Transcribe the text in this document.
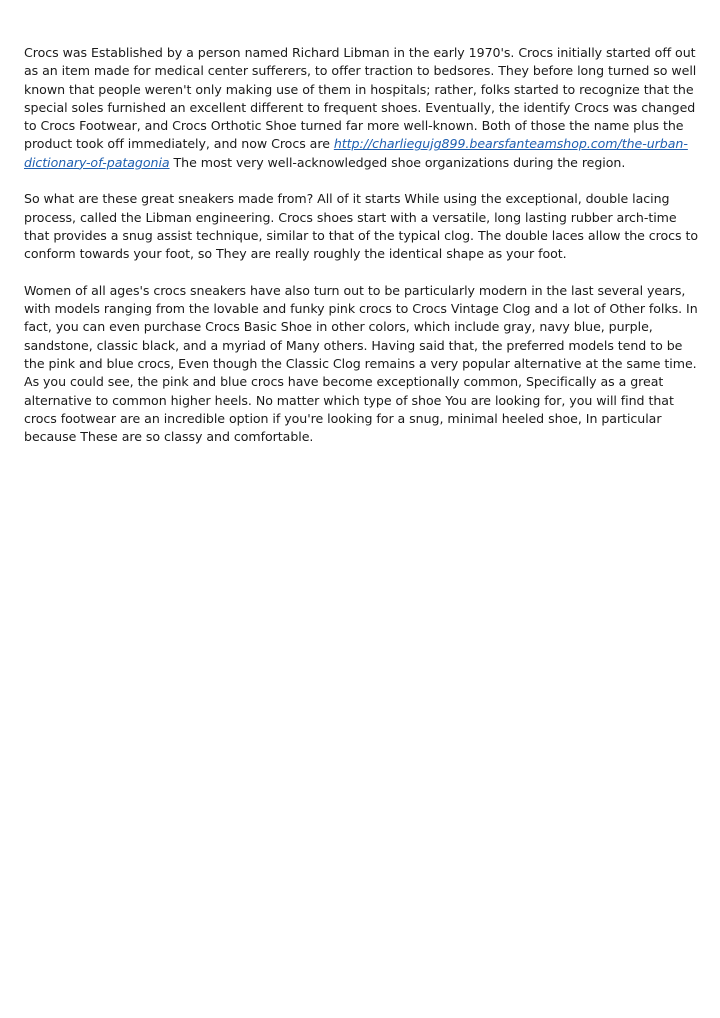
Crocs was Established by a person named Richard Libman in the early 1970's. Crocs initially started off out as an item made for medical center sufferers, to offer traction to bedsores. They before long turned so well known that people weren't only making use of them in hospitals; rather, folks started to recognize that the special soles furnished an excellent different to frequent shoes. Eventually, the identify Crocs was changed to Crocs Footwear, and Crocs Orthotic Shoe turned far more well-known. Both of those the name plus the product took off immediately, and now Crocs are http://charliegujg899.bearsfanteamshop.com/the-urban-dictionary-of-patagonia The most very well-acknowledged shoe organizations during the region.

So what are these great sneakers made from? All of it starts While using the exceptional, double lacing process, called the Libman engineering. Crocs shoes start with a versatile, long lasting rubber arch-time that provides a snug assist technique, similar to that of the typical clog. The double laces allow the crocs to conform towards your foot, so They are really roughly the identical shape as your foot.

Women of all ages's crocs sneakers have also turn out to be particularly modern in the last several years, with models ranging from the lovable and funky pink crocs to Crocs Vintage Clog and a lot of Other folks. In fact, you can even purchase Crocs Basic Shoe in other colors, which include gray, navy blue, purple, sandstone, classic black, and a myriad of Many others. Having said that, the preferred models tend to be the pink and blue crocs, Even though the Classic Clog remains a very popular alternative at the same time. As you could see, the pink and blue crocs have become exceptionally common, Specifically as a great alternative to common higher heels. No matter which type of shoe You are looking for, you will find that crocs footwear are an incredible option if you're looking for a snug, minimal heeled shoe, In particular because These are so classy and comfortable.
